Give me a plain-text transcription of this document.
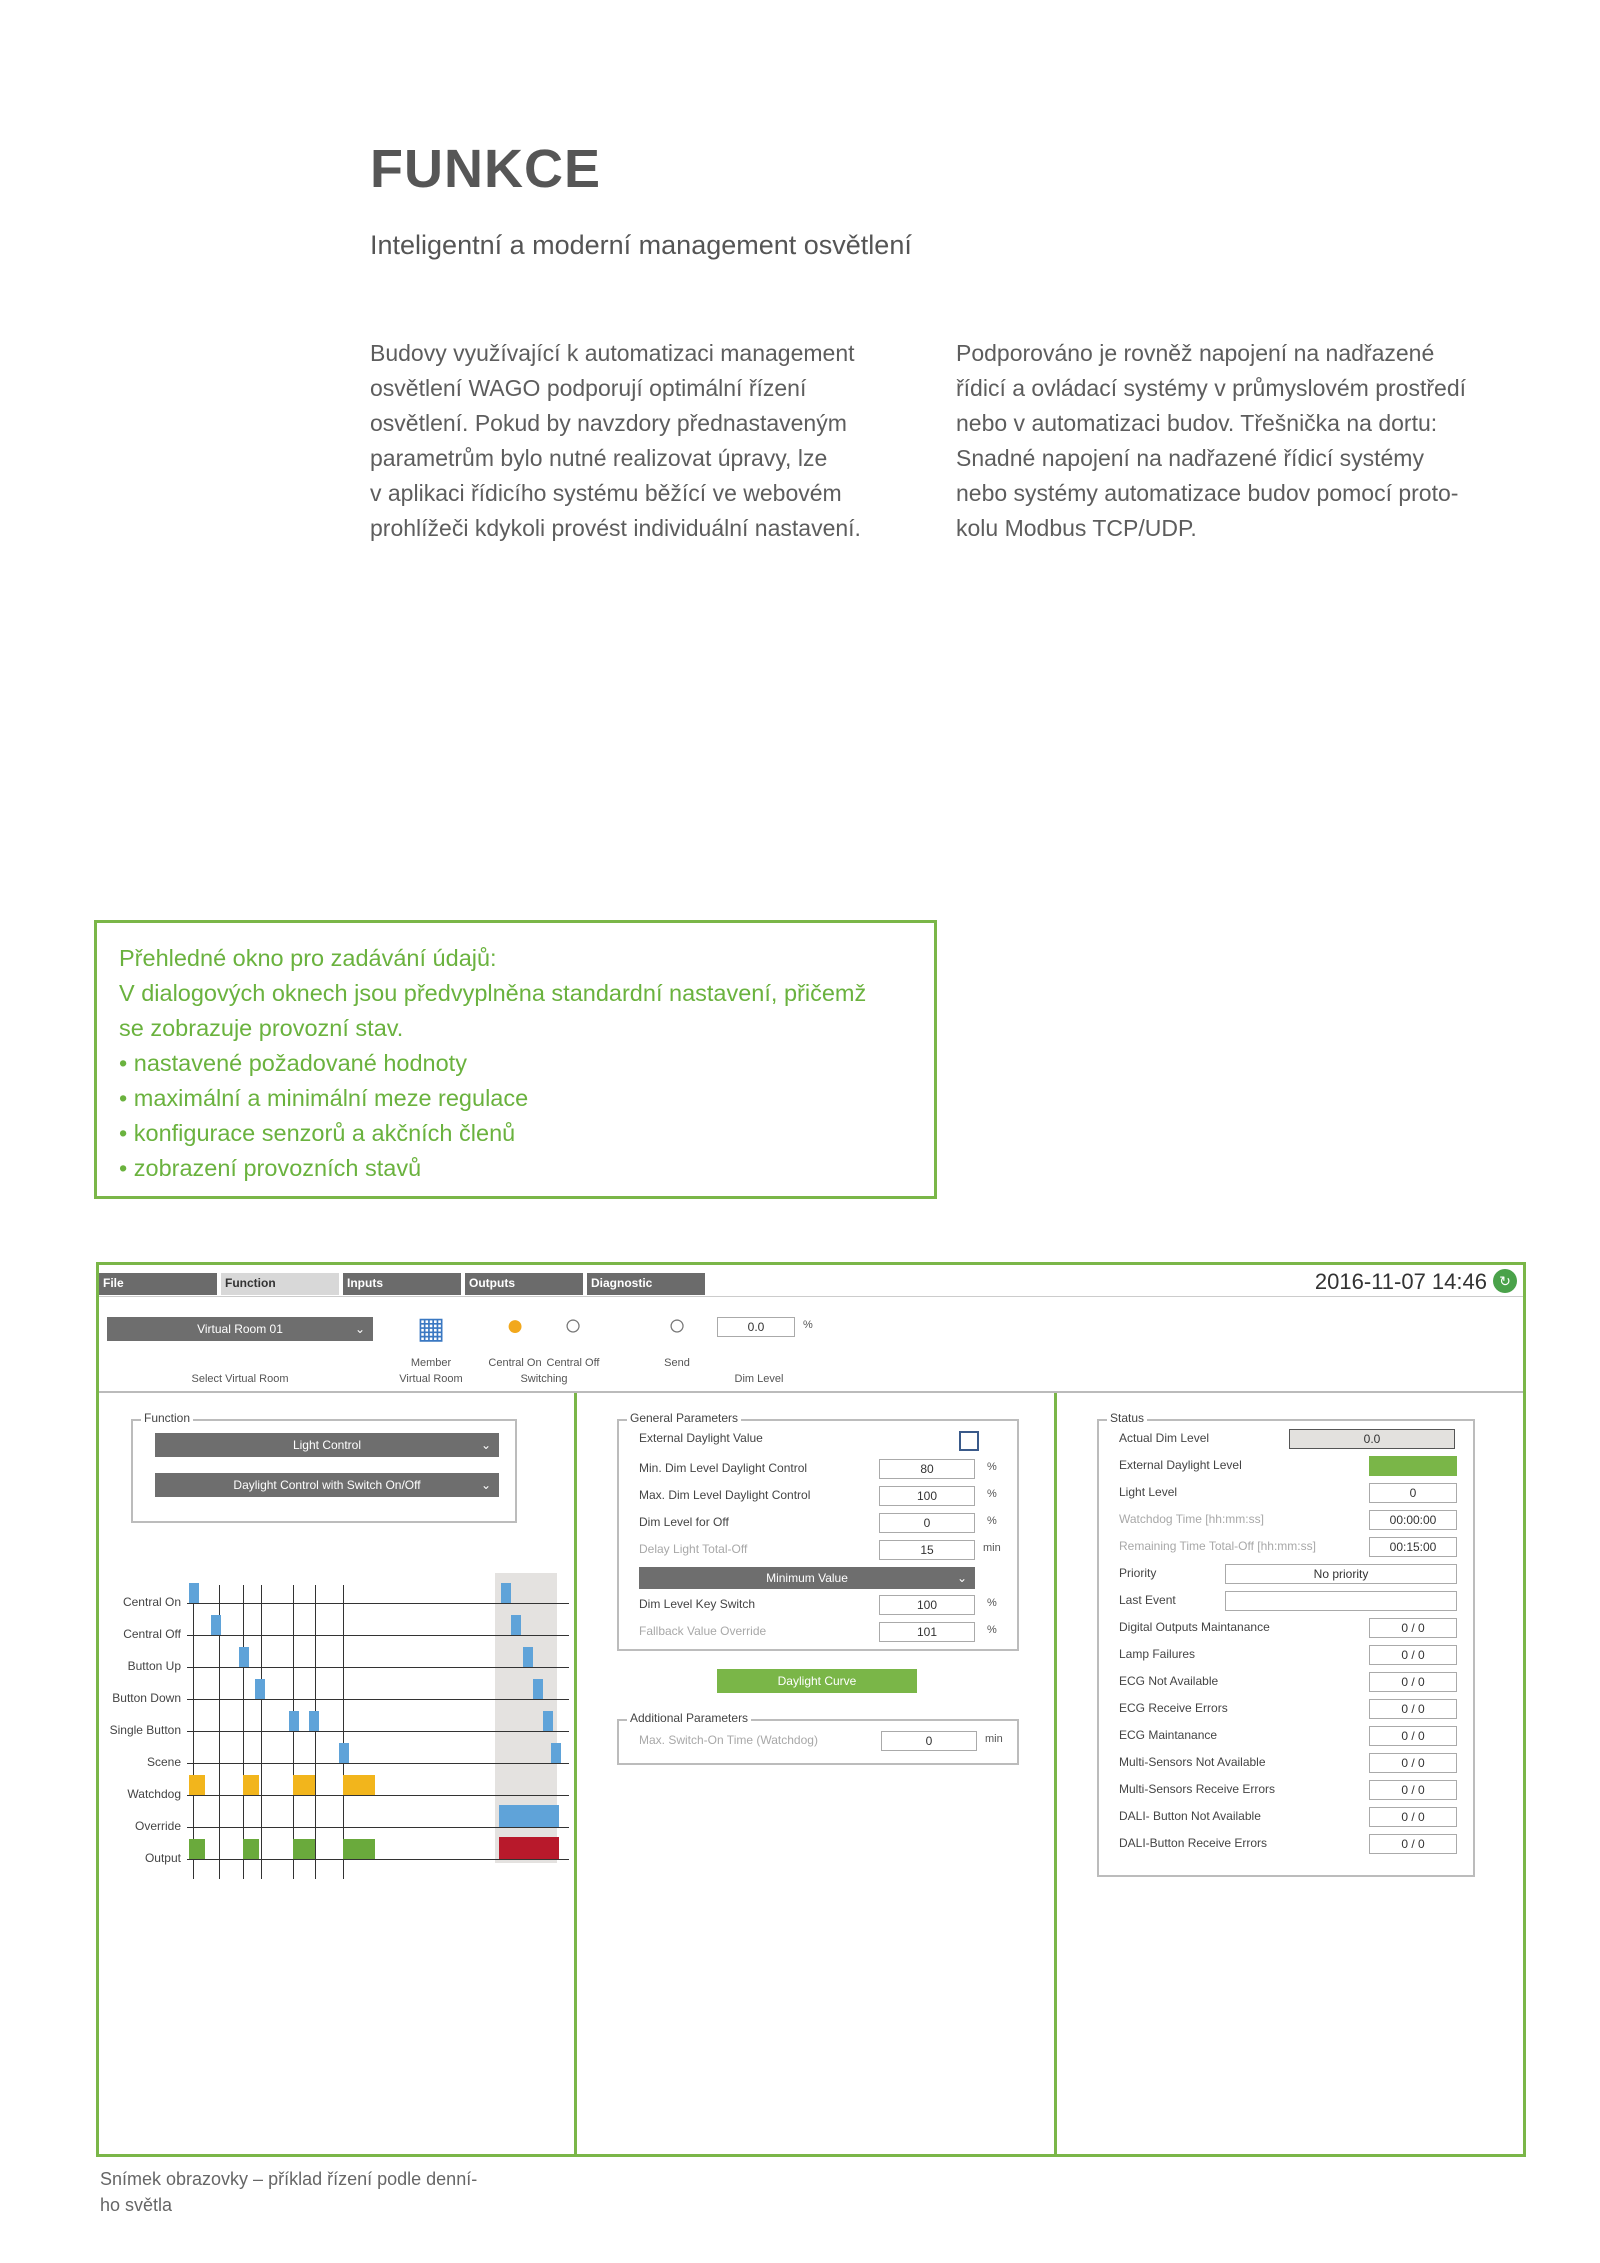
FUNKCE
Inteligentní a moderní management osvětlení
Budovy využívající k automatizaci management
osvětlení WAGO podporují optimální řízení
osvětlení. Pokud by navzdory přednastaveným
parametrům bylo nutné realizovat úpravy, lze
v aplikaci řídicího systému běžící ve webovém
prohlížeči kdykoli provést individuální nastavení.
Podporováno je rovněž napojení na nadřazené
řídicí a ovládací systémy v průmyslovém prostředí
nebo v automatizaci budov. Třešnička na dortu:
Snadné napojení na nadřazené řídicí systémy
nebo systémy automatizace budov pomocí proto-
kolu Modbus TCP/UDP.
Přehledné okno pro zadávání údajů:
V dialogových oknech jsou předvyplněna standardní nastavení, přičemž
se zobrazuje provozní stav.
• nastavené požadované hodnoty
• maximální a minimální meze regulace
• konfigurace senzorů a akčních členů
• zobrazení provozních stavů
File	Function	Inputs	Outputs	Diagnostic	2016-11-07 14:46 ↻
Virtual Room 01	⌄
Select Virtual Room
▦
Member
Virtual Room
●
Central On
○
Central Off
Switching
○
Send
0.0	%
Dim Level
Function
Light Control	⌄
Daylight Control with Switch On/Off	⌄
Central On
Central Off
Button Up
Button Down
Single Button
Scene
Watchdog
Override
Output
General Parameters
External Daylight Value
Min. Dim Level Daylight Control	80	%
Max. Dim Level Daylight Control	100	%
Dim Level for Off	0	%
Delay Light Total-Off	15	min
Minimum Value	⌄
Dim Level Key Switch	100	%
Fallback Value Override	101	%
Daylight Curve
Additional Parameters
Max. Switch-On Time (Watchdog)	0	min
Status
Actual Dim Level	0.0
External Daylight Level
Light Level	0
Watchdog Time [hh:mm:ss]	00:00:00
Remaining Time Total-Off [hh:mm:ss]	00:15:00
Priority	No priority
Last Event
Digital Outputs Maintanance	0 / 0
Lamp Failures	0 / 0
ECG Not Available	0 / 0
ECG Receive Errors	0 / 0
ECG Maintanance	0 / 0
Multi-Sensors Not Available	0 / 0
Multi-Sensors Receive Errors	0 / 0
DALI- Button Not Available	0 / 0
DALI-Button Receive Errors	0 / 0
Snímek obrazovky – příklad řízení podle denní-
ho světla
